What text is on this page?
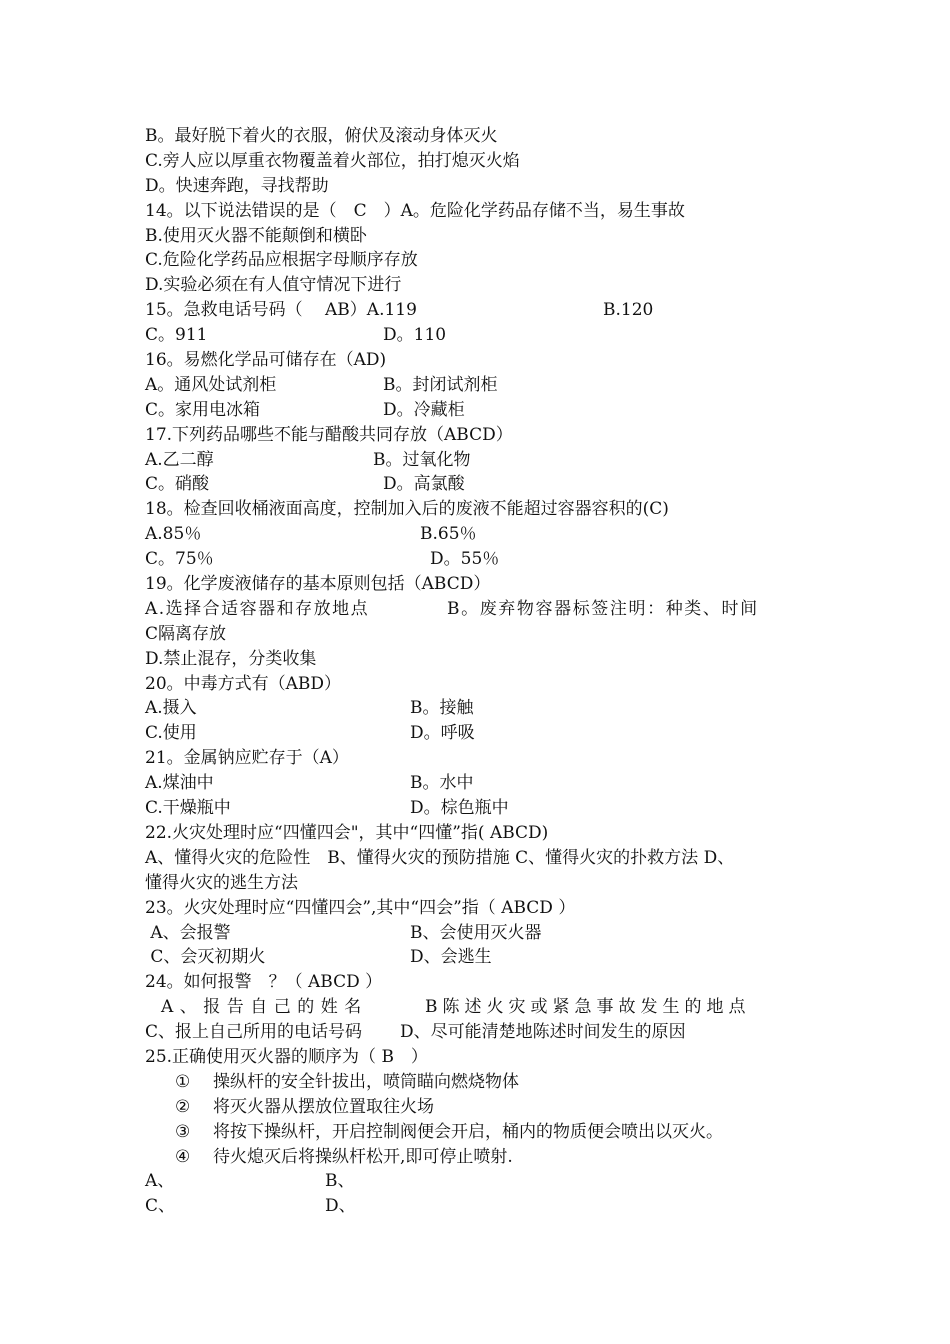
B。最好脱下着火的衣服，俯伏及滚动身体灭火
C.旁人应以厚重衣物覆盖着火部位，拍打熄灭火焰
D。快速奔跑，寻找帮助
14。以下说法错误的是（　C　）A。危险化学药品存储不当，易生事故
B.使用灭火器不能颠倒和横卧
C.危险化学药品应根据字母顺序存放
D.实验必须在有人值守情况下进行
15。急救电话号码（　 AB）A.119	B.120
C。911	D。110
16。易燃化学品可储存在（AD)
A。通风处试剂柜	B。封闭试剂柜
C。家用电冰箱	D。冷藏柜
17.下列药品哪些不能与醋酸共同存放（ABCD）
A.乙二醇	B。过氧化物
C。硝酸	D。高氯酸
18。检查回收桶液面高度，控制加入后的废液不能超过容器容积的(C)
A.85％	B.65％
C。75％	D。55％
19。化学废液储存的基本原则包括（ABCD）
A.选择合适容器和存放地点	B。废弃物容器标签注明：种类、时间
C隔离存放
D.禁止混存，分类收集
20。中毒方式有（ABD）
A.摄入	B。接触
C.使用	D。呼吸
21。金属钠应贮存于（A）
A.煤油中	B。水中
C.干燥瓶中	D。棕色瓶中
22.火灾处理时应“四懂四会"，其中“四懂”指( ABCD)
A、懂得火灾的危险性　B、懂得火灾的预防措施 C、懂得火灾的扑救方法 D、
懂得火灾的逃生方法
23。火灾处理时应“四懂四会”,其中“四会”指（ ABCD ）
A、会报警	B、会使用灭火器
C、会灭初期火	D、会逃生
24。如何报警　？（ ABCD ）
A、报告自己的姓名	B陈述火灾或紧急事故发生的地点
C、报上自己所用的电话号码	D、尽可能清楚地陈述时间发生的原因
25.正确使用灭火器的顺序为（ B　）
① 操纵杆的安全针拔出，喷筒瞄向燃烧物体
② 将灭火器从摆放位置取往火场
③ 将按下操纵杆，开启控制阀便会开启，桶内的物质便会喷出以灭火。
④ 待火熄灭后将操纵杆松开,即可停止喷射.
A、	B、
C、	D、
